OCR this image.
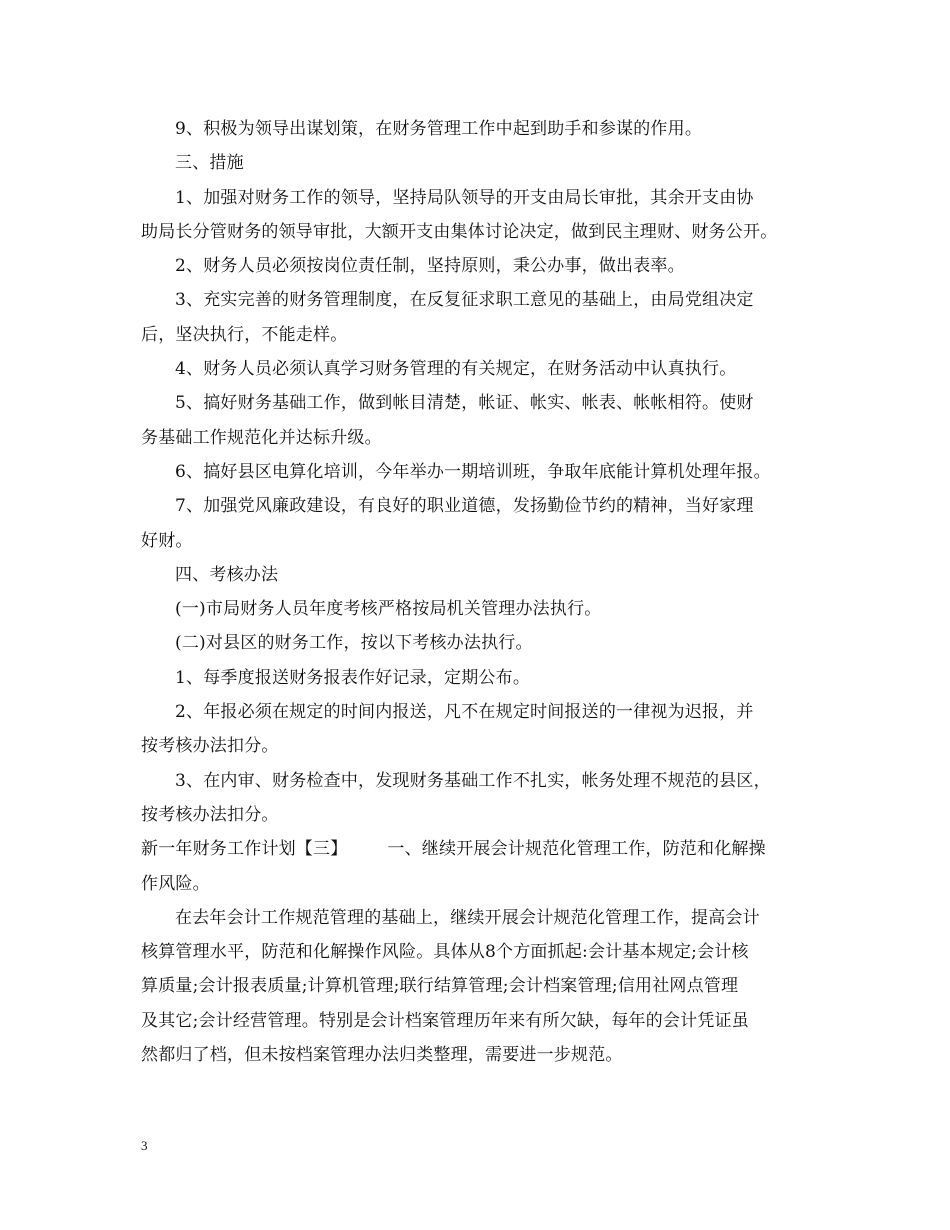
9、积极为领导出谋划策，在财务管理工作中起到助手和参谋的作用。

三、措施

1、加强对财务工作的领导，坚持局队领导的开支由局长审批，其余开支由协

助局长分管财务的领导审批，大额开支由集体讨论决定，做到民主理财、财务公开。

2、财务人员必须按岗位责任制，坚持原则，秉公办事，做出表率。

3、充实完善的财务管理制度，在反复征求职工意见的基础上，由局党组决定

后，坚决执行，不能走样。

4、财务人员必须认真学习财务管理的有关规定，在财务活动中认真执行。

5、搞好财务基础工作，做到帐目清楚，帐证、帐实、帐表、帐帐相符。使财

务基础工作规范化并达标升级。

6、搞好县区电算化培训，今年举办一期培训班，争取年底能计算机处理年报。

7、加强党风廉政建设，有良好的职业道德，发扬勤俭节约的精神，当好家理

好财。

四、考核办法

(一)市局财务人员年度考核严格按局机关管理办法执行。

(二)对县区的财务工作，按以下考核办法执行。

1、每季度报送财务报表作好记录，定期公布。

2、年报必须在规定的时间内报送，凡不在规定时间报送的一律视为迟报，并

按考核办法扣分。

3、在内审、财务检查中，发现财务基础工作不扎实，帐务处理不规范的县区，

按考核办法扣分。

新一年财务工作计划【三】 一、继续开展会计规范化管理工作，防范和化解操

作风险。

在去年会计工作规范管理的基础上，继续开展会计规范化管理工作，提高会计

核算管理水平，防范和化解操作风险。具体从8个方面抓起:会计基本规定;会计核

算质量;会计报表质量;计算机管理;联行结算管理;会计档案管理;信用社网点管理

及其它;会计经营管理。特别是会计档案管理历年来有所欠缺，每年的会计凭证虽

然都归了档，但未按档案管理办法归类整理，需要进一步规范。

3
